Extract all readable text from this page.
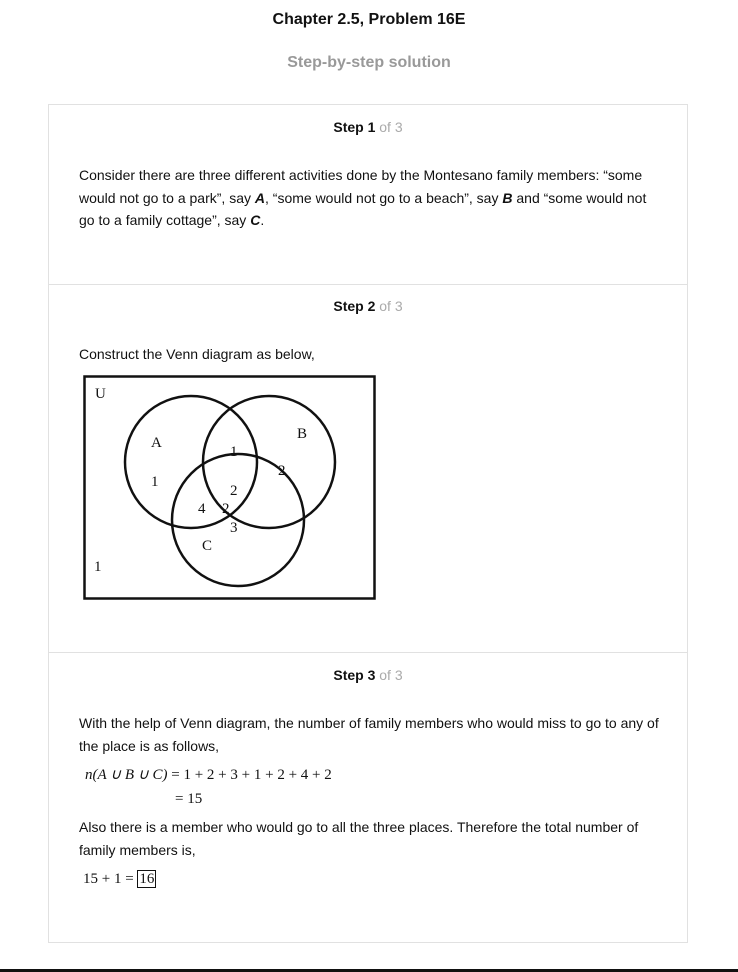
Chapter 2.5, Problem 16E
Step-by-step solution
Step 1 of 3
Consider there are three different activities done by the Montesano family members: “some would not go to a park”, say A, “some would not go to a beach”, say B and “some would not go to a family cottage”, say C.
Step 2 of 3
Construct the Venn diagram as below,
U
A
B
C
1
1
2
2
4 2
3
1
Step 3 of 3
With the help of Venn diagram, the number of family members who would miss to go to any of the place is as follows,
n(A ∪ B ∪ C) = 1 + 2 + 3 + 1 + 2 + 4 + 2
= 15
Also there is a member who would go to all the three places. Therefore the total number of family members is,
15 + 1 = 16
